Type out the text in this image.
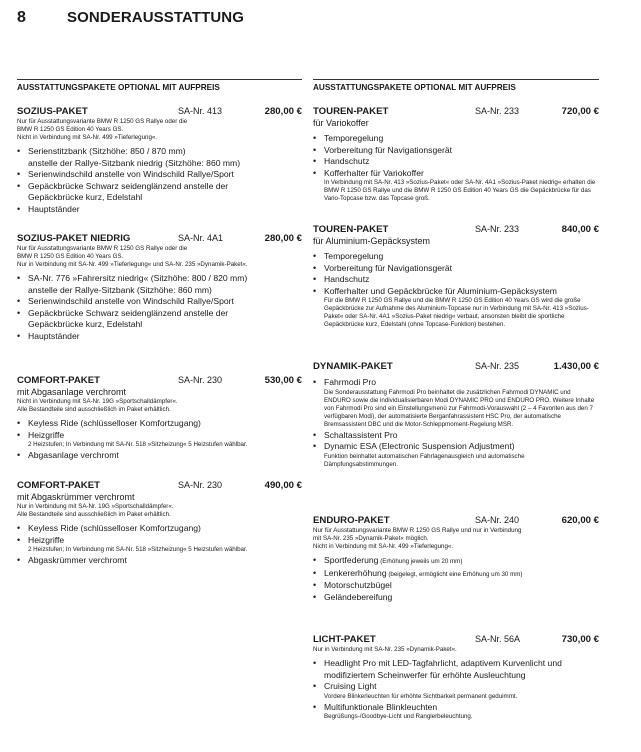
8	SONDERAUSSTATTUNG
AUSSTATTUNGSPAKETE OPTIONAL MIT AUFPREIS
SOZIUS-PAKET	SA-Nr. 413	280,00 €
Nur für Ausstattungsvariante BMW R 1250 GS Rallye oder die
BMW R 1250 GS Edition 40 Years GS.
Nicht in Verbindung mit SA-Nr. 499 »Tieferlegung«.
• Serienstitzbank (Sitzhöhe: 850 / 870 mm)
anstelle der Rallye-Sitzbank niedrig (Sitzhöhe: 860 mm)
• Serienwindschild anstelle von Windschild Rallye/Sport
• Gepäckbrücke Schwarz seidenglänzend anstelle der
Gepäckbrücke kurz, Edelstahl
• Hauptständer
SOZIUS-PAKET NIEDRIG	SA-Nr. 4A1	280,00 €
Nur für Ausstattungsvariante BMW R 1250 GS Rallye oder die
BMW R 1250 GS Edition 40 Years GS.
Nur in Verbindung mit SA-Nr. 499 »Tieferlegung« und SA-Nr. 235 »Dynamik-Paket«.
• SA-Nr. 776 »Fahrersitz niedrig« (Sitzhöhe: 800 / 820 mm)
anstelle der Rallye-Sitzbank (Sitzhöhe: 860 mm)
• Serienwindschild anstelle von Windschild Rallye/Sport
• Gepäckbrücke Schwarz seidenglänzend anstelle der
Gepäckbrücke kurz, Edelstahl
• Hauptständer
COMFORT-PAKET	SA-Nr. 230	530,00 €
mit Abgasanlage verchromt
Nicht in Verbindung mit SA-Nr. 19G »Sportschalldämpfer«.
Alle Bestandteile sind ausschließlich im Paket erhältlich.
• Keyless Ride (schlüsselloser Komfortzugang)
• Heizgriffe
2 Heizstufen; In Verbindung mit SA-Nr. 518 »Sitzheizung« 5 Heizstufen wählbar.
• Abgasanlage verchromt
COMFORT-PAKET	SA-Nr. 230	490,00 €
mit Abgaskrümmer verchromt
Nur in Verbindung mit SA-Nr. 19G »Sportschalldämpfer«.
Alle Bestandteile sind ausschließlich im Paket erhältlich.
• Keyless Ride (schlüsselloser Komfortzugang)
• Heizgriffe
2 Heizstufen; In Verbindung mit SA-Nr. 518 »Sitzheizung« 5 Heizstufen wählbar.
• Abgaskrümmer verchromt
AUSSTATTUNGSPAKETE OPTIONAL MIT AUFPREIS
TOUREN-PAKET	SA-Nr. 233	720,00 €
für Variokoffer
• Temporegelung
• Vorbereitung für Navigationsgerät
• Handschutz
• Kofferhalter für Variokoffer
In Verbindung mit SA-Nr. 413 »Sozius-Paket« oder SA-Nr. 4A1 »Sozius-Paket niedrig« erhalten die BMW R 1250 GS Rallye und die BMW R 1250 GS Edition 40 Years GS die Gepäckbrücke für das Vario-Topcase bzw. das Topcase groß.
TOUREN-PAKET	SA-Nr. 233	840,00 €
für Aluminium-Gepäcksystem
• Temporegelung
• Vorbereitung für Navigationsgerät
• Handschutz
• Kofferhalter und Gepäckbrücke für Aluminium-Gepäcksystem
Für die BMW R 1250 GS Rallye und die BMW R 1250 GS Edition 40 Years GS wird die große Gepäckbrücke zur Aufnahme des Aluminium-Topcase nur in Verbindung mit SA-Nr. 413 »Sozius-Paket« oder SA-Nr. 4A1 »Sozius-Paket niedrig« verbaut, ansonsten bleibt die sportliche Gepäckbrücke kurz, Edelstahl (ohne Topcase-Funktion) bestehen.
DYNAMIK-PAKET	SA-Nr. 235	1.430,00 €
• Fahrmodi Pro
Die Sonderausstattung Fahrmodi Pro beinhaltet die zusätzlichen Fahrmodi DYNAMIC und ENDURO sowie die individualisierbaren Modi DYNAMIC PRO und ENDURO PRO. Weitere Inhalte von Fahrmodi Pro sind ein Einstellungsmenü zur Fahrmodi-Vorauswahl (2 – 4 Favoriten aus den 7 verfügbaren Modi), der automatisierte Berganfahrassistent HSC Pro, der automatische Bremsassistent DBC und die Motor-Schleppmoment-Regelung MSR.
• Schaltassistent Pro
• Dynamic ESA (Electronic Suspension Adjustment)
Funktion beinhaltet automatischen Fahrlagenausgleich und automatische Dämpfungsabstimmungen.
ENDURO-PAKET	SA-Nr. 240	620,00 €
Nur für Ausstattungsvariante BMW R 1250 GS Rallye und nur in Verbindung
mit SA-Nr. 235 »Dynamik-Paket« möglich.
Nicht in Verbindung mit SA-Nr. 499 »Tieferlegung«.
• Sportfederung (Erhöhung jeweils um 20 mm)
• Lenkererhöhung (beigelegt, ermöglicht eine Erhöhung um 30 mm)
• Motorschutzbügel
• Geländebereifung
LICHT-PAKET	SA-Nr. 56A	730,00 €
Nur in Verbindung mit SA-Nr. 235 »Dynamik-Paket«.
• Headlight Pro mit LED-Tagfahrlicht, adaptivem Kurvenlicht und modifiziertem Scheinwerfer für erhöhte Ausleuchtung
• Cruising Light
Vordere Blinkerleuchten für erhöhte Sichtbarkeit permanent geduimmt.
• Multifunktionale Blinkleuchten
Begrüßungs-/Goodbye-Licht und Ranglerbeleuchtung.
